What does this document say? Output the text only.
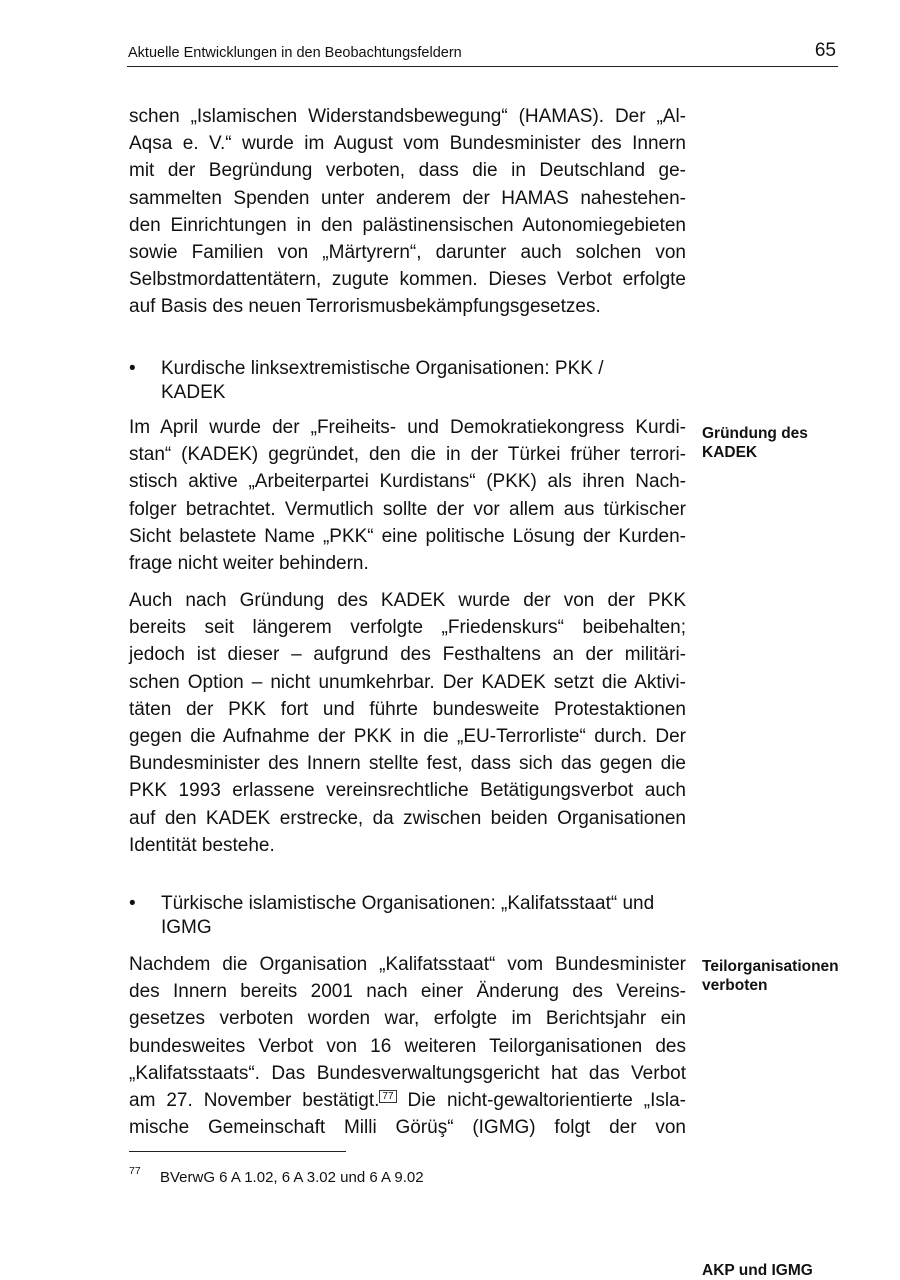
Aktuelle Entwicklungen in den Beobachtungsfeldern	65
schen „Islamischen Widerstandsbewegung“ (HAMAS). Der „Al-
Aqsa e. V.“ wurde im August vom Bundesminister des Innern
mit der Begründung verboten, dass die in Deutschland ge-
sammelten Spenden unter anderem der HAMAS nahestehen-
den Einrichtungen in den palästinensischen Autonomiegebieten
sowie Familien von „Märtyrern“, darunter auch solchen von
Selbstmordattentätern, zugute kommen. Dieses Verbot erfolgte
auf Basis des neuen Terrorismusbekämpfungsgesetzes.
•	Kurdische linksextremistische Organisationen: PKK /
KADEK
Gründung des
KADEK
Im April wurde der „Freiheits- und Demokratiekongress Kurdi-
stan“ (KADEK) gegründet, den die in der Türkei früher terrori-
stisch aktive „Arbeiterpartei Kurdistans“ (PKK) als ihren Nach-
folger betrachtet. Vermutlich sollte der vor allem aus türkischer
Sicht belastete Name „PKK“ eine politische Lösung der Kurden-
frage nicht weiter behindern.
Auch nach Gründung des KADEK wurde der von der PKK
bereits seit längerem verfolgte „Friedenskurs“ beibehalten;
jedoch ist dieser – aufgrund des Festhaltens an der militäri-
schen Option – nicht unumkehrbar. Der KADEK setzt die Aktivi-
täten der PKK fort und führte bundesweite Protestaktionen
gegen die Aufnahme der PKK in die „EU-Terrorliste“ durch. Der
Bundesminister des Innern stellte fest, dass sich das gegen die
PKK 1993 erlassene vereinsrechtliche Betätigungsverbot auch
auf den KADEK erstrecke, da zwischen beiden Organisationen
Identität bestehe.
•	Türkische islamistische Organisationen: „Kalifatsstaat“ und
IGMG
Teilorganisationen
verboten
Nachdem die Organisation „Kalifatsstaat“ vom Bundesminister
des Innern bereits 2001 nach einer Änderung des Vereins-
gesetzes verboten worden war, erfolgte im Berichtsjahr ein
bundesweites Verbot von 16 weiteren Teilorganisationen des
„Kalifatsstaats“. Das Bundesverwaltungsgericht hat das Verbot
am 27. November bestätigt. $^{77}$ Die nicht-gewaltorientierte „Isla-
mische Gemeinschaft Milli Görüş“ (IGMG) folgt der von
77 BVerwG 6 A 1.02, 6 A 3.02 und 6 A 9.02
AKP und IGMG
